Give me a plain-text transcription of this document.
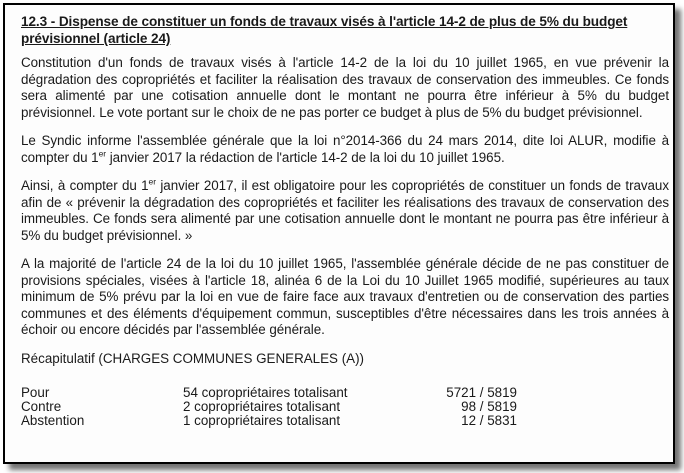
12.3 - Dispense de constituer un fonds de travaux visés à l'article 14-2 de plus de 5% du budget prévisionnel (article 24)

Constitution d'un fonds de travaux visés à l'article 14-2 de la loi du 10 juillet 1965, en vue prévenir la dégradation des copropriétés et faciliter la réalisation des travaux de conservation des immeubles. Ce fonds sera alimenté par une cotisation annuelle dont le montant ne pourra être inférieur à 5% du budget prévisionnel. Le vote portant sur le choix de ne pas porter ce budget à plus de 5% du budget prévisionnel.

Le Syndic informe l'assemblée générale que la loi n°2014-366 du 24 mars 2014, dite loi ALUR, modifie à compter du 1er janvier 2017 la rédaction de l'article 14-2 de la loi du 10 juillet 1965.

Ainsi, à compter du 1er janvier 2017, il est obligatoire pour les copropriétés de constituer un fonds de travaux afin de « prévenir la dégradation des copropriétés et faciliter les réalisations des travaux de conservation des immeubles. Ce fonds sera alimenté par une cotisation annuelle dont le montant ne pourra pas être inférieur à 5% du budget prévisionnel. »

A la majorité de l'article 24 de la loi du 10 juillet 1965, l'assemblée générale décide de ne pas constituer de provisions spéciales, visées à l'article 18, alinéa 6 de la Loi du 10 Juillet 1965 modifié, supérieures au taux minimum de 5% prévu par la loi en vue de faire face aux travaux d'entretien ou de conservation des parties communes et des éléments d'équipement commun, susceptibles d'être nécessaires dans les trois années à échoir ou encore décidés par l'assemblée générale.

Récapitulatif (CHARGES COMMUNES GENERALES (A))
Pour	54 copropriétaires totalisant	5721 / 5819
Contre	2 copropriétaires totalisant	98 / 5819
Abstention	1 copropriétaires totalisant	12 / 5831
